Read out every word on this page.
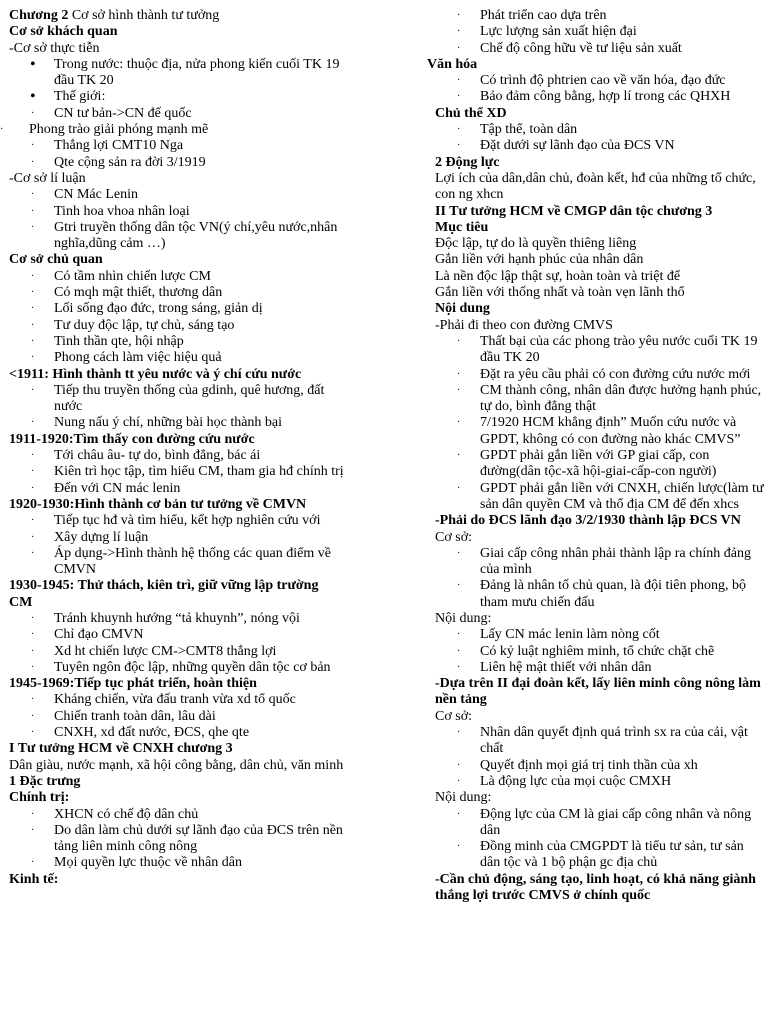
Chương 2 Cơ sở hình thành tư tưởng
Cơ sở khách quan
-Cơ sở thực tiễn
• Trong nước: thuộc địa, nửa phong kiến cuối TK 19 đầu TK 20
• Thế giới:
· CN tư bản->CN đế quốc
· Phong trào giải phóng mạnh mẽ
· Thắng lợi CMT10 Nga
· Qte cộng sản ra đời 3/1919
-Cơ sở lí luận
· CN Mác Lenin
· Tinh hoa vhoa nhân loại
· Gtri truyền thống dân tộc VN(ý chí,yêu nước,nhân nghĩa,dũng cảm …)
Cơ sở chủ quan
· Có tầm nhìn chiến lược CM
· Có mqh mật thiết, thương dân
· Lối sống đạo đức, trong sáng, giản dị
· Tư duy độc lập, tự chủ, sáng tạo
· Tinh thần qte, hội nhập
· Phong cách làm việc hiệu quả
<1911: Hình thành tt yêu nước và ý chí cứu nước
· Tiếp thu truyền thống của gdinh, quê hương, đất nước
· Nung nấu ý chí, những bài học thành bại
1911-1920:Tìm thấy con đường cứu nước
· Tới châu âu- tự do, bình đẳng, bác ái
· Kiên trì học tập, tìm hiểu CM, tham gia hđ chính trị
· Đến với CN mác lenin
1920-1930:Hình thành cơ bản tư tưởng về CMVN
· Tiếp tục hđ và tìm hiểu, kết hợp nghiên cứu với
· Xây dựng lí luận
· Áp dụng->Hình thành hệ thống các quan điểm về CMVN
1930-1945: Thử thách, kiên trì, giữ vững lập trường CM
· Tránh khuynh hướng “tả khuynh”, nóng vội
· Chỉ đạo CMVN
· Xd ht chiến lược CM->CMT8 thắng lợi
· Tuyên ngôn độc lập, những quyền dân tộc cơ bản
1945-1969:Tiếp tục phát triển, hoàn thiện
· Kháng chiến, vừa đấu tranh vừa xd tổ quốc
· Chiến tranh toàn dân, lâu dài
· CNXH, xd đất nước, ĐCS, qhe qte
I Tư tưởng HCM về CNXH chương 3
Dân giàu, nước mạnh, xã hội công bằng, dân chủ, văn minh
1 Đặc trưng
Chính trị:
· XHCN có chế độ dân chủ
· Do dân làm chủ dưới sự lãnh đạo của ĐCS trên nền tảng liên minh công nông
· Mọi quyền lực thuộc về nhân dân
Kinh tế:
· Phát triển cao dựa trên
· Lực lượng sản xuất hiện đại
· Chế độ công hữu về tư liệu sản xuất
Văn hóa
· Có trình độ phtrien cao về văn hóa, đạo đức
· Bảo đảm công bằng, hợp lí trong các QHXH
Chủ thể XD
· Tập thể, toàn dân
· Đặt dưới sự lãnh đạo của ĐCS VN
2 Động lực
Lợi ích của dân,dân chủ, đoàn kết, hđ của những tổ chức, con ng xhcn
II Tư tưởng HCM về CMGP dân tộc chương 3
Mục tiêu
Độc lập, tự do là quyền thiêng liêng
Gắn liền với hạnh phúc của nhân dân
Là nền độc lập thật sự, hoàn toàn và triệt để
Gắn liền với thống nhất và toàn vẹn lãnh thổ
Nội dung
-Phải đi theo con đường CMVS
· Thất bại của các phong trào yêu nước cuối TK 19 đầu TK 20
· Đặt ra yêu cầu phải có con đường cứu nước mới
· CM thành công, nhân dân được hưởng hạnh phúc, tự do, bình đẳng thật
· 7/1920 HCM khẳng định” Muốn cứu nước và GPDT, không có con đường nào khác CMVS”
· GPDT phải gắn liền với GP giai cấp, con đường(dân tộc-xã hội-giai-cấp-con người)
· GPDT phải gắn liền với CNXH, chiến lược(làm tư sản dân quyền CM và thổ địa CM để đến xhcs
-Phải do ĐCS lãnh đạo 3/2/1930 thành lập ĐCS VN
Cơ sở:
· Giai cấp công nhân phải thành lập ra chính đảng của mình
· Đảng là nhân tố chủ quan, là đội tiên phong, bộ tham mưu chiến đấu
Nội dung:
· Lấy CN mác lenin làm nòng cốt
· Có kỷ luật nghiêm minh, tổ chức chặt chẽ
· Liên hệ mật thiết với nhân dân
-Dựa trên II đại đoàn kết, lấy liên minh công nông làm nền tảng
Cơ sở:
· Nhân dân quyết định quá trình sx ra của cải, vật chất
· Quyết định mọi giá trị tinh thần của xh
· Là động lực của mọi cuộc CMXH
Nội dung:
· Động lực của CM là giai cấp công nhân và nông dân
· Đồng minh của CMGPDT là tiểu tư sản, tư sản dân tộc và 1 bộ phận gc địa chủ
-Cần chủ động, sáng tạo, linh hoạt, có khả năng giành thắng lợi trước CMVS ở chính quốc
